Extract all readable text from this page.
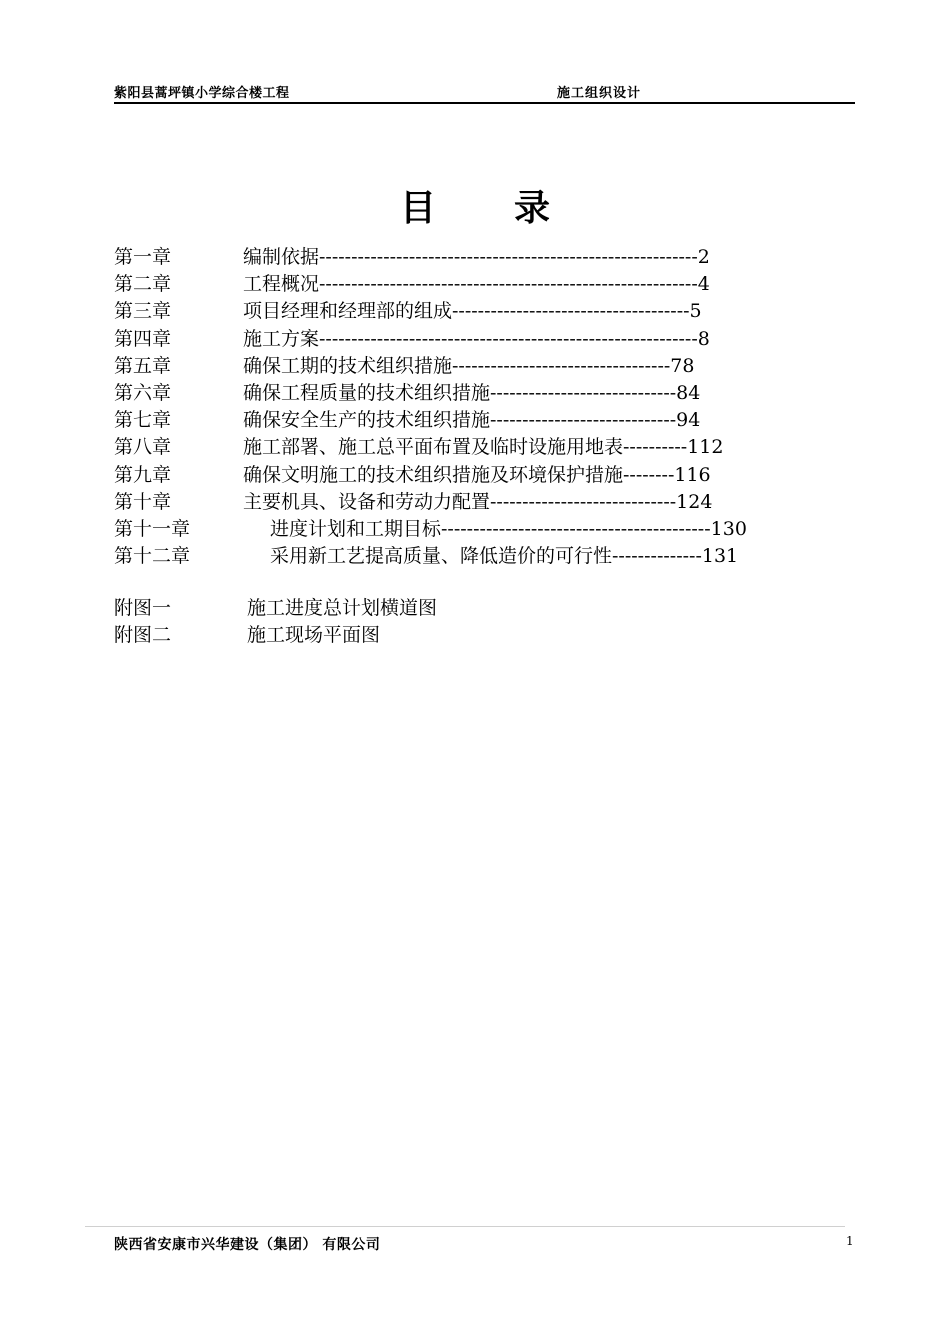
紫阳县蒿坪镇小学综合楼工程	施工组织设计
目 录
第一章	编制依据-----------------------------------------------------------2
第二章	工程概况-----------------------------------------------------------4
第三章	项目经理和经理部的组成-------------------------------------5
第四章	施工方案-----------------------------------------------------------8
第五章	确保工期的技术组织措施----------------------------------78
第六章	确保工程质量的技术组织措施-----------------------------84
第七章	确保安全生产的技术组织措施-----------------------------94
第八章	施工部署、施工总平面布置及临时设施用地表----------112
第九章	确保文明施工的技术组织措施及环境保护措施--------116
第十章	主要机具、设备和劳动力配置-----------------------------124
第十一章	进度计划和工期目标------------------------------------------130
第十二章	采用新工艺提高质量、降低造价的可行性--------------131
附图一	施工进度总计划横道图
附图二	施工现场平面图
陕西省安康市兴华建设（集团） 有限公司	1
